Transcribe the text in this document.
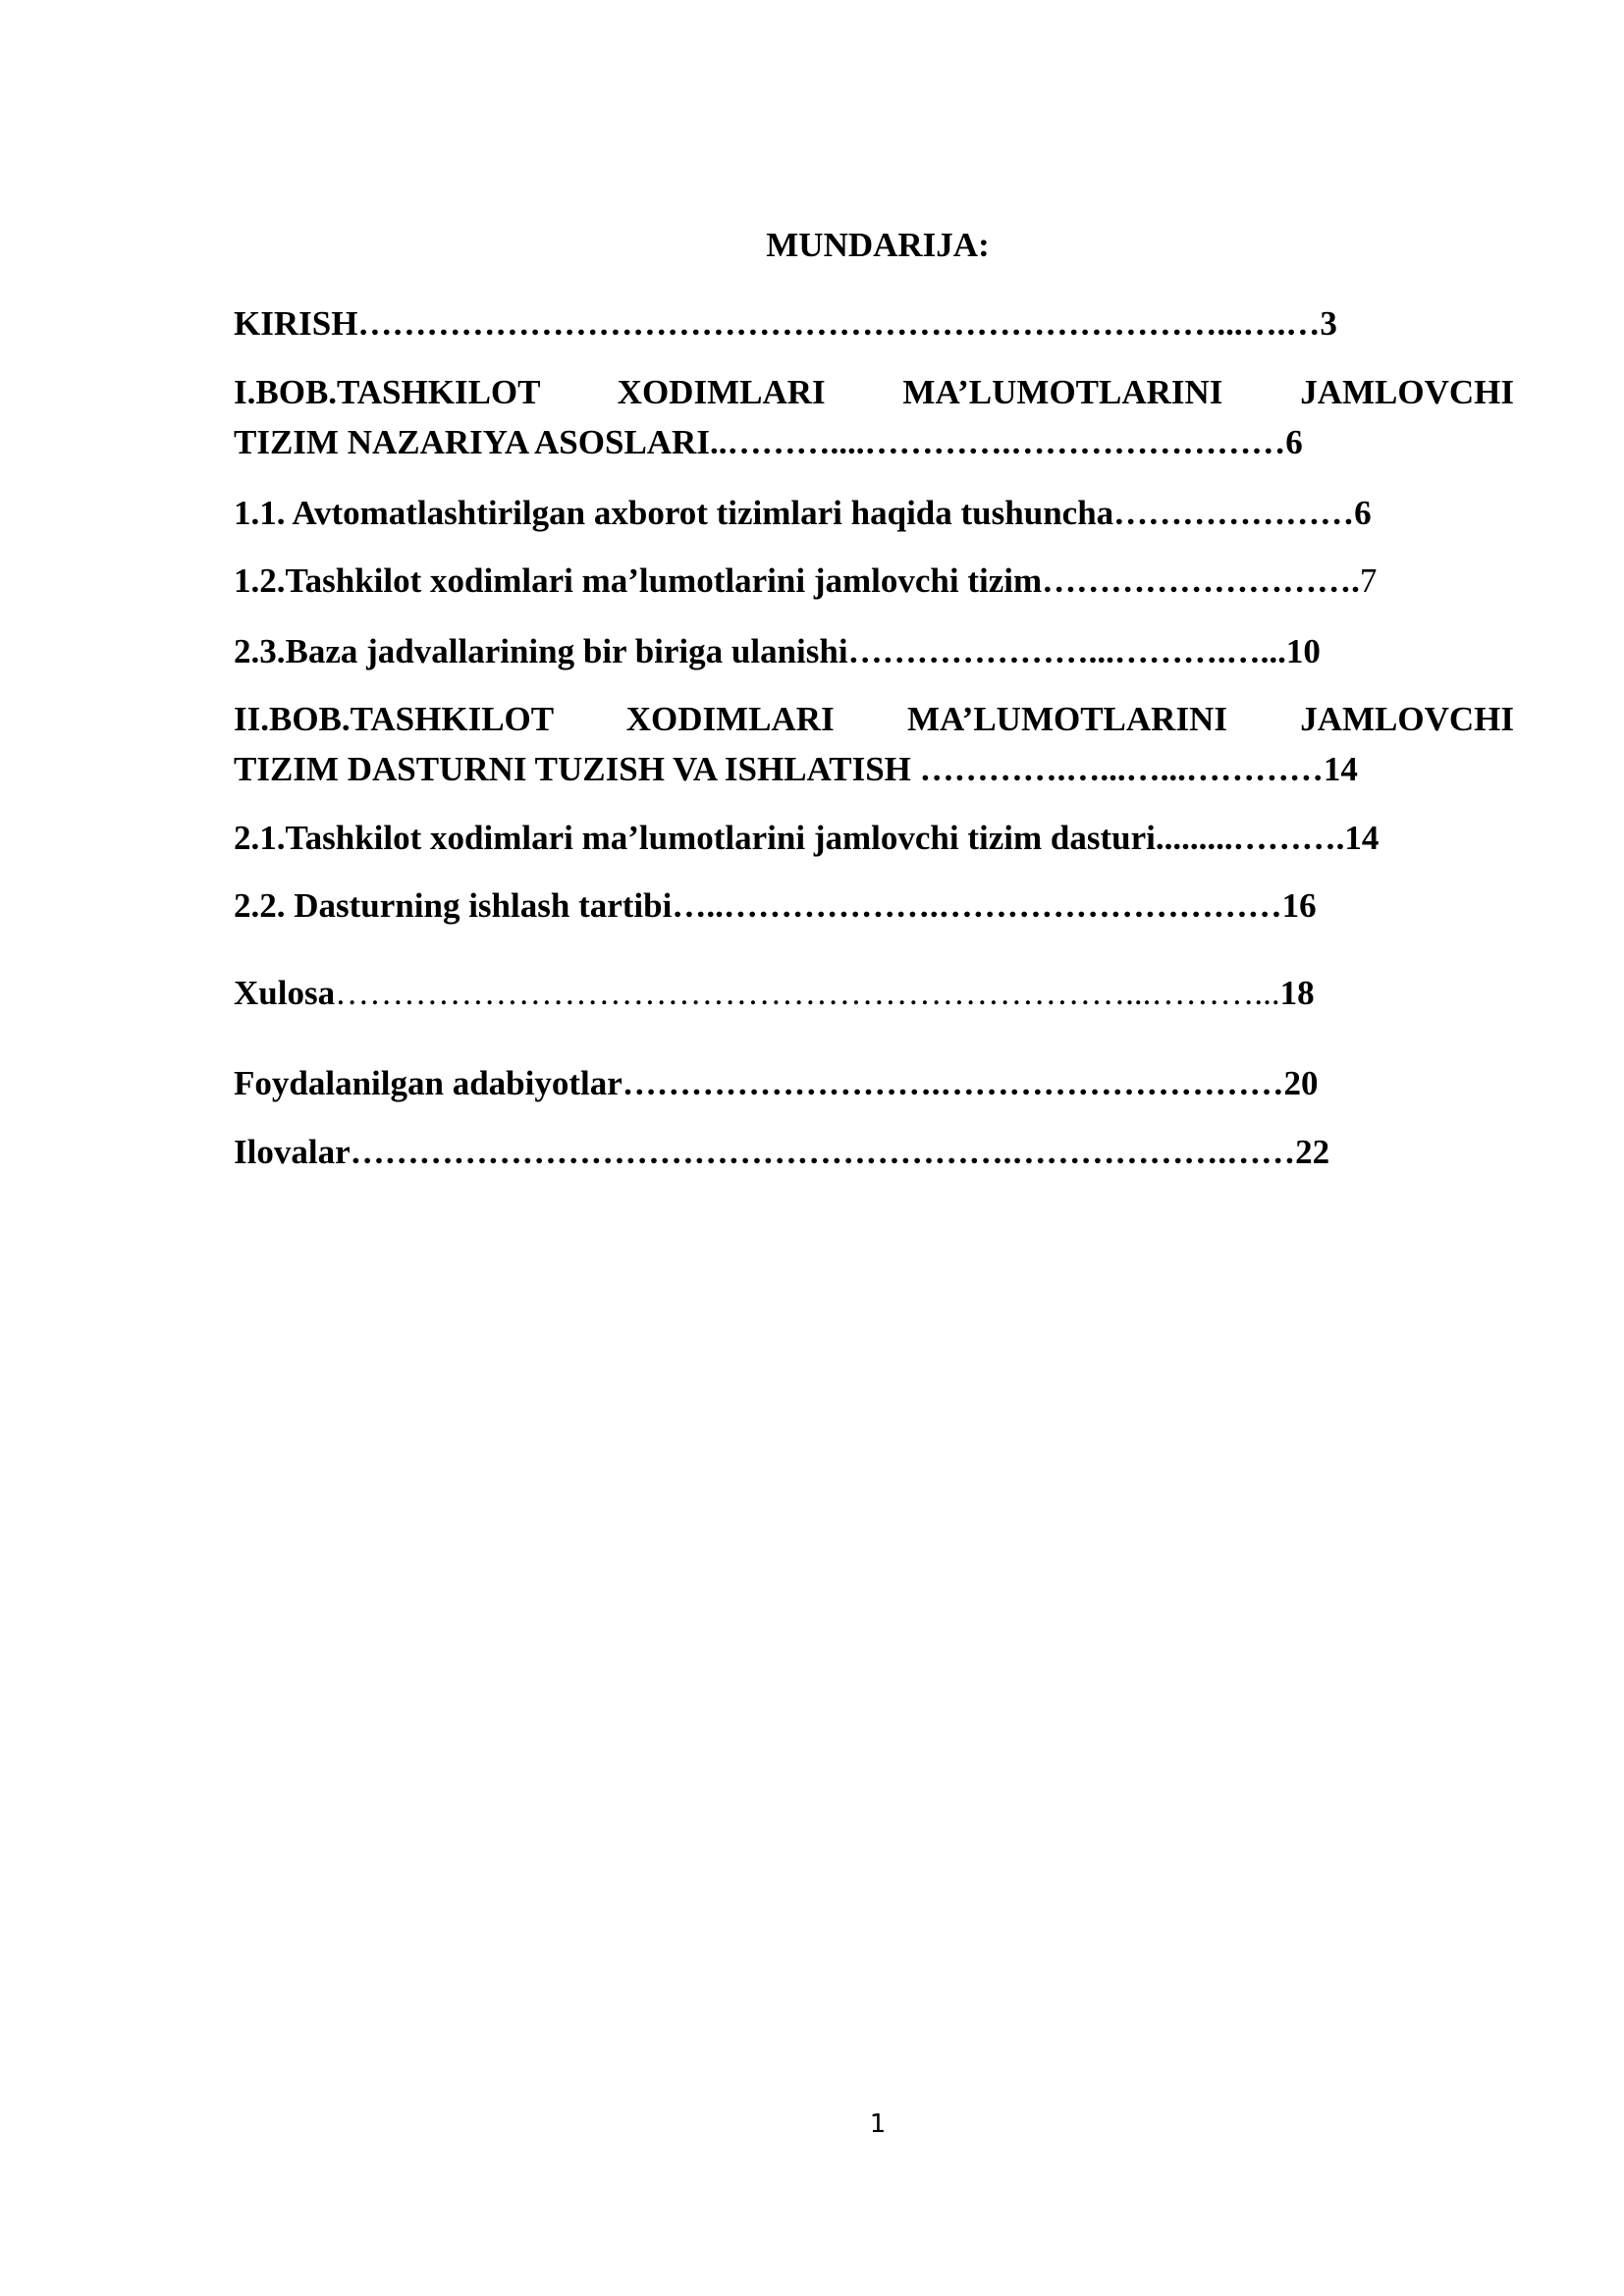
MUNDARIJA:
KIRISH…………………………………………………………………...….…3
I.BOB.TASHKILOT XODIMLARI MA’LUMOTLARINI JAMLOVCHI
TIZIM NAZARIYA ASOSLARI..………....………….……………………6
1.1. Avtomatlashtirilgan axborot tizimlari haqida tushuncha…………………6
1.2.Tashkilot xodimlari ma’lumotlarini jamlovchi tizim……………………….7
2.3.Baza jadvallarining bir biriga ulanishi…………………...……….…...10
II.BOB.TASHKILOT XODIMLARI MA’LUMOTLARINI JAMLOVCHI
TIZIM DASTURNI TUZISH VA ISHLATISH ………….…...…...…………14
2.1.Tashkilot xodimlari ma’lumotlarini jamlovchi tizim dasturi.........……….14
2.2. Dasturning ishlash tartibi…..……………….…………………………16
Xulosa……………………………………………………………...………...18
Foydalanilgan adabiyotlar……………………….…………………………20
Ilovalar………………………………………………….……………….……22
1
